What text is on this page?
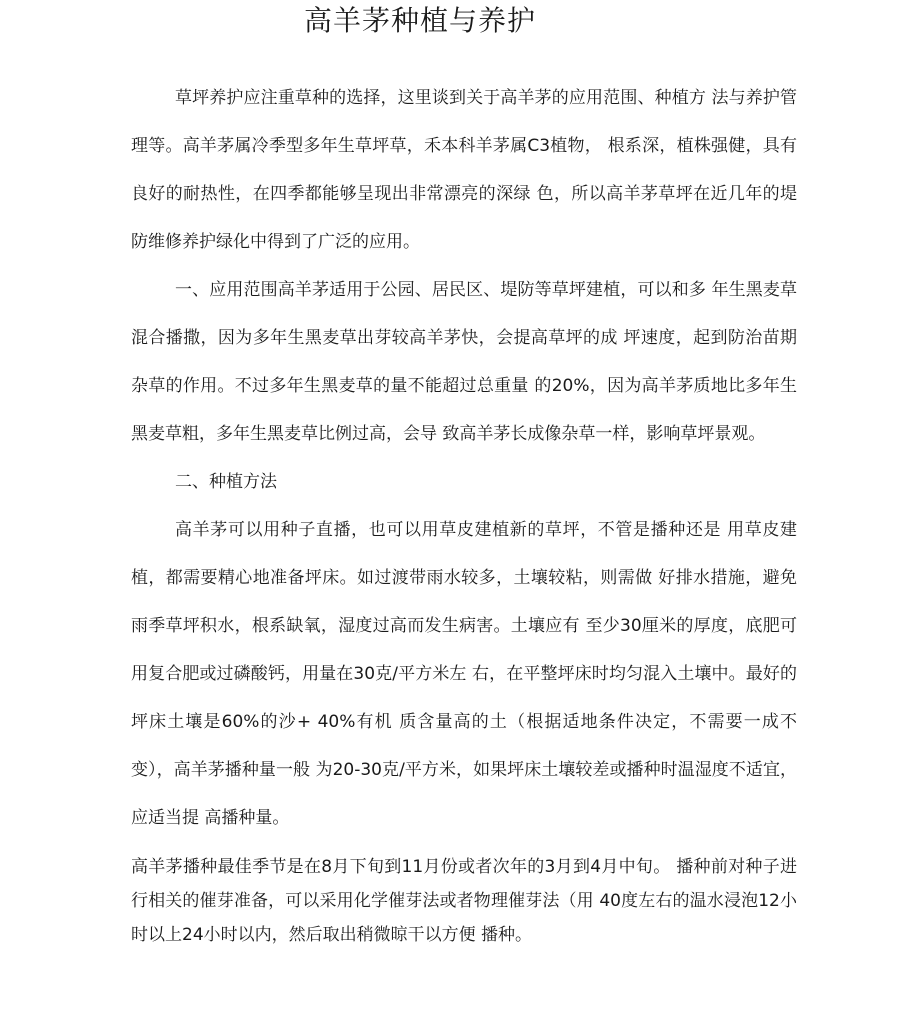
高羊茅种植与养护

草坪养护应注重草种的选择，这里谈到关于高羊茅的应用范围、种植方 法与养护管理等。高羊茅属冷季型多年生草坪草，禾本科羊茅属C3植物， 根系深，植株强健，具有良好的耐热性，在四季都能够呈现出非常漂亮的深绿 色，所以高羊茅草坪在近几年的堤防维修养护绿化中得到了广泛的应用。

一、应用范围高羊茅适用于公园、居民区、堤防等草坪建植，可以和多 年生黑麦草混合播撒，因为多年生黑麦草出芽较高羊茅快，会提高草坪的成 坪速度，起到防治苗期杂草的作用。不过多年生黑麦草的量不能超过总重量 的20%，因为高羊茅质地比多年生黑麦草粗，多年生黑麦草比例过高，会导 致高羊茅长成像杂草一样，影响草坪景观。

二、种植方法

高羊茅可以用种子直播，也可以用草皮建植新的草坪，不管是播种还是 用草皮建植，都需要精心地准备坪床。如过渡带雨水较多，土壤较粘，则需做 好排水措施，避免雨季草坪积水，根系缺氧，湿度过高而发生病害。土壤应有 至少30厘米的厚度，底肥可用复合肥或过磷酸钙，用量在30克/平方米左 右，在平整坪床时均匀混入土壤中。最好的坪床土壤是60%的沙+ 40%有机 质含量高的土（根据适地条件决定，不需要一成不变），高羊茅播种量一般 为20-30克/平方米，如果坪床土壤较差或播种时温湿度不适宜，应适当提 高播种量。

高羊茅播种最佳季节是在8月下旬到11月份或者次年的3月到4月中旬。 播种前对种子进行相关的催芽准备，可以采用化学催芽法或者物理催芽法（用 40度左右的温水浸泡12小时以上24小时以内，然后取出稍微晾干以方便 播种。
